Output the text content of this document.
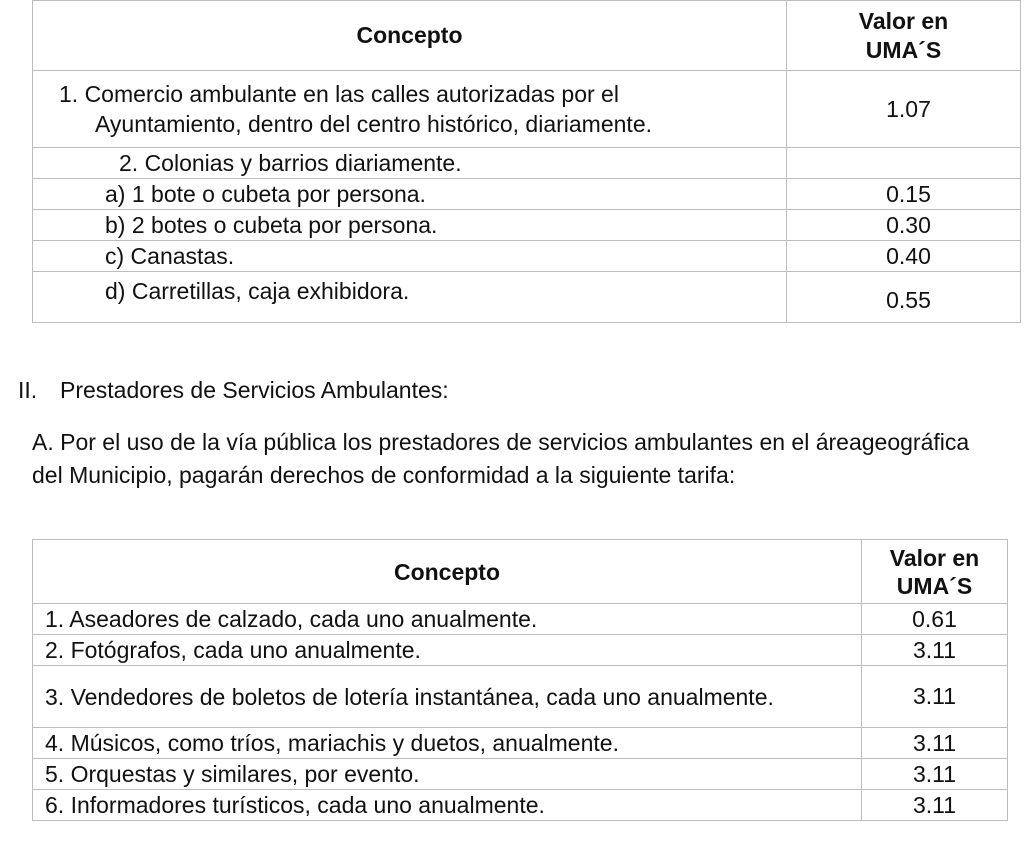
Concepto	Valor en
UMA´S
1. Comercio ambulante en las calles autorizadas por el
Ayuntamiento, dentro del centro histórico, diariamente.	1.07
2. Colonias y barrios diariamente.	
a) 1 bote o cubeta por persona.	0.15
b) 2 botes o cubeta por persona.	0.30
c) Canastas.	0.40
d) Carretillas, caja exhibidora.	0.55
II. Prestadores de Servicios Ambulantes:
A. Por el uso de la vía pública los prestadores de servicios ambulantes en el áreageográfica del Municipio, pagarán derechos de conformidad a la siguiente tarifa:
Concepto	Valor en
UMA´S
1. Aseadores de calzado, cada uno anualmente.	0.61
2. Fotógrafos, cada uno anualmente.	3.11
3. Vendedores de boletos de lotería instantánea, cada uno anualmente.	3.11
4. Músicos, como tríos, mariachis y duetos, anualmente.	3.11
5. Orquestas y similares, por evento.	3.11
6. Informadores turísticos, cada uno anualmente.	3.11
